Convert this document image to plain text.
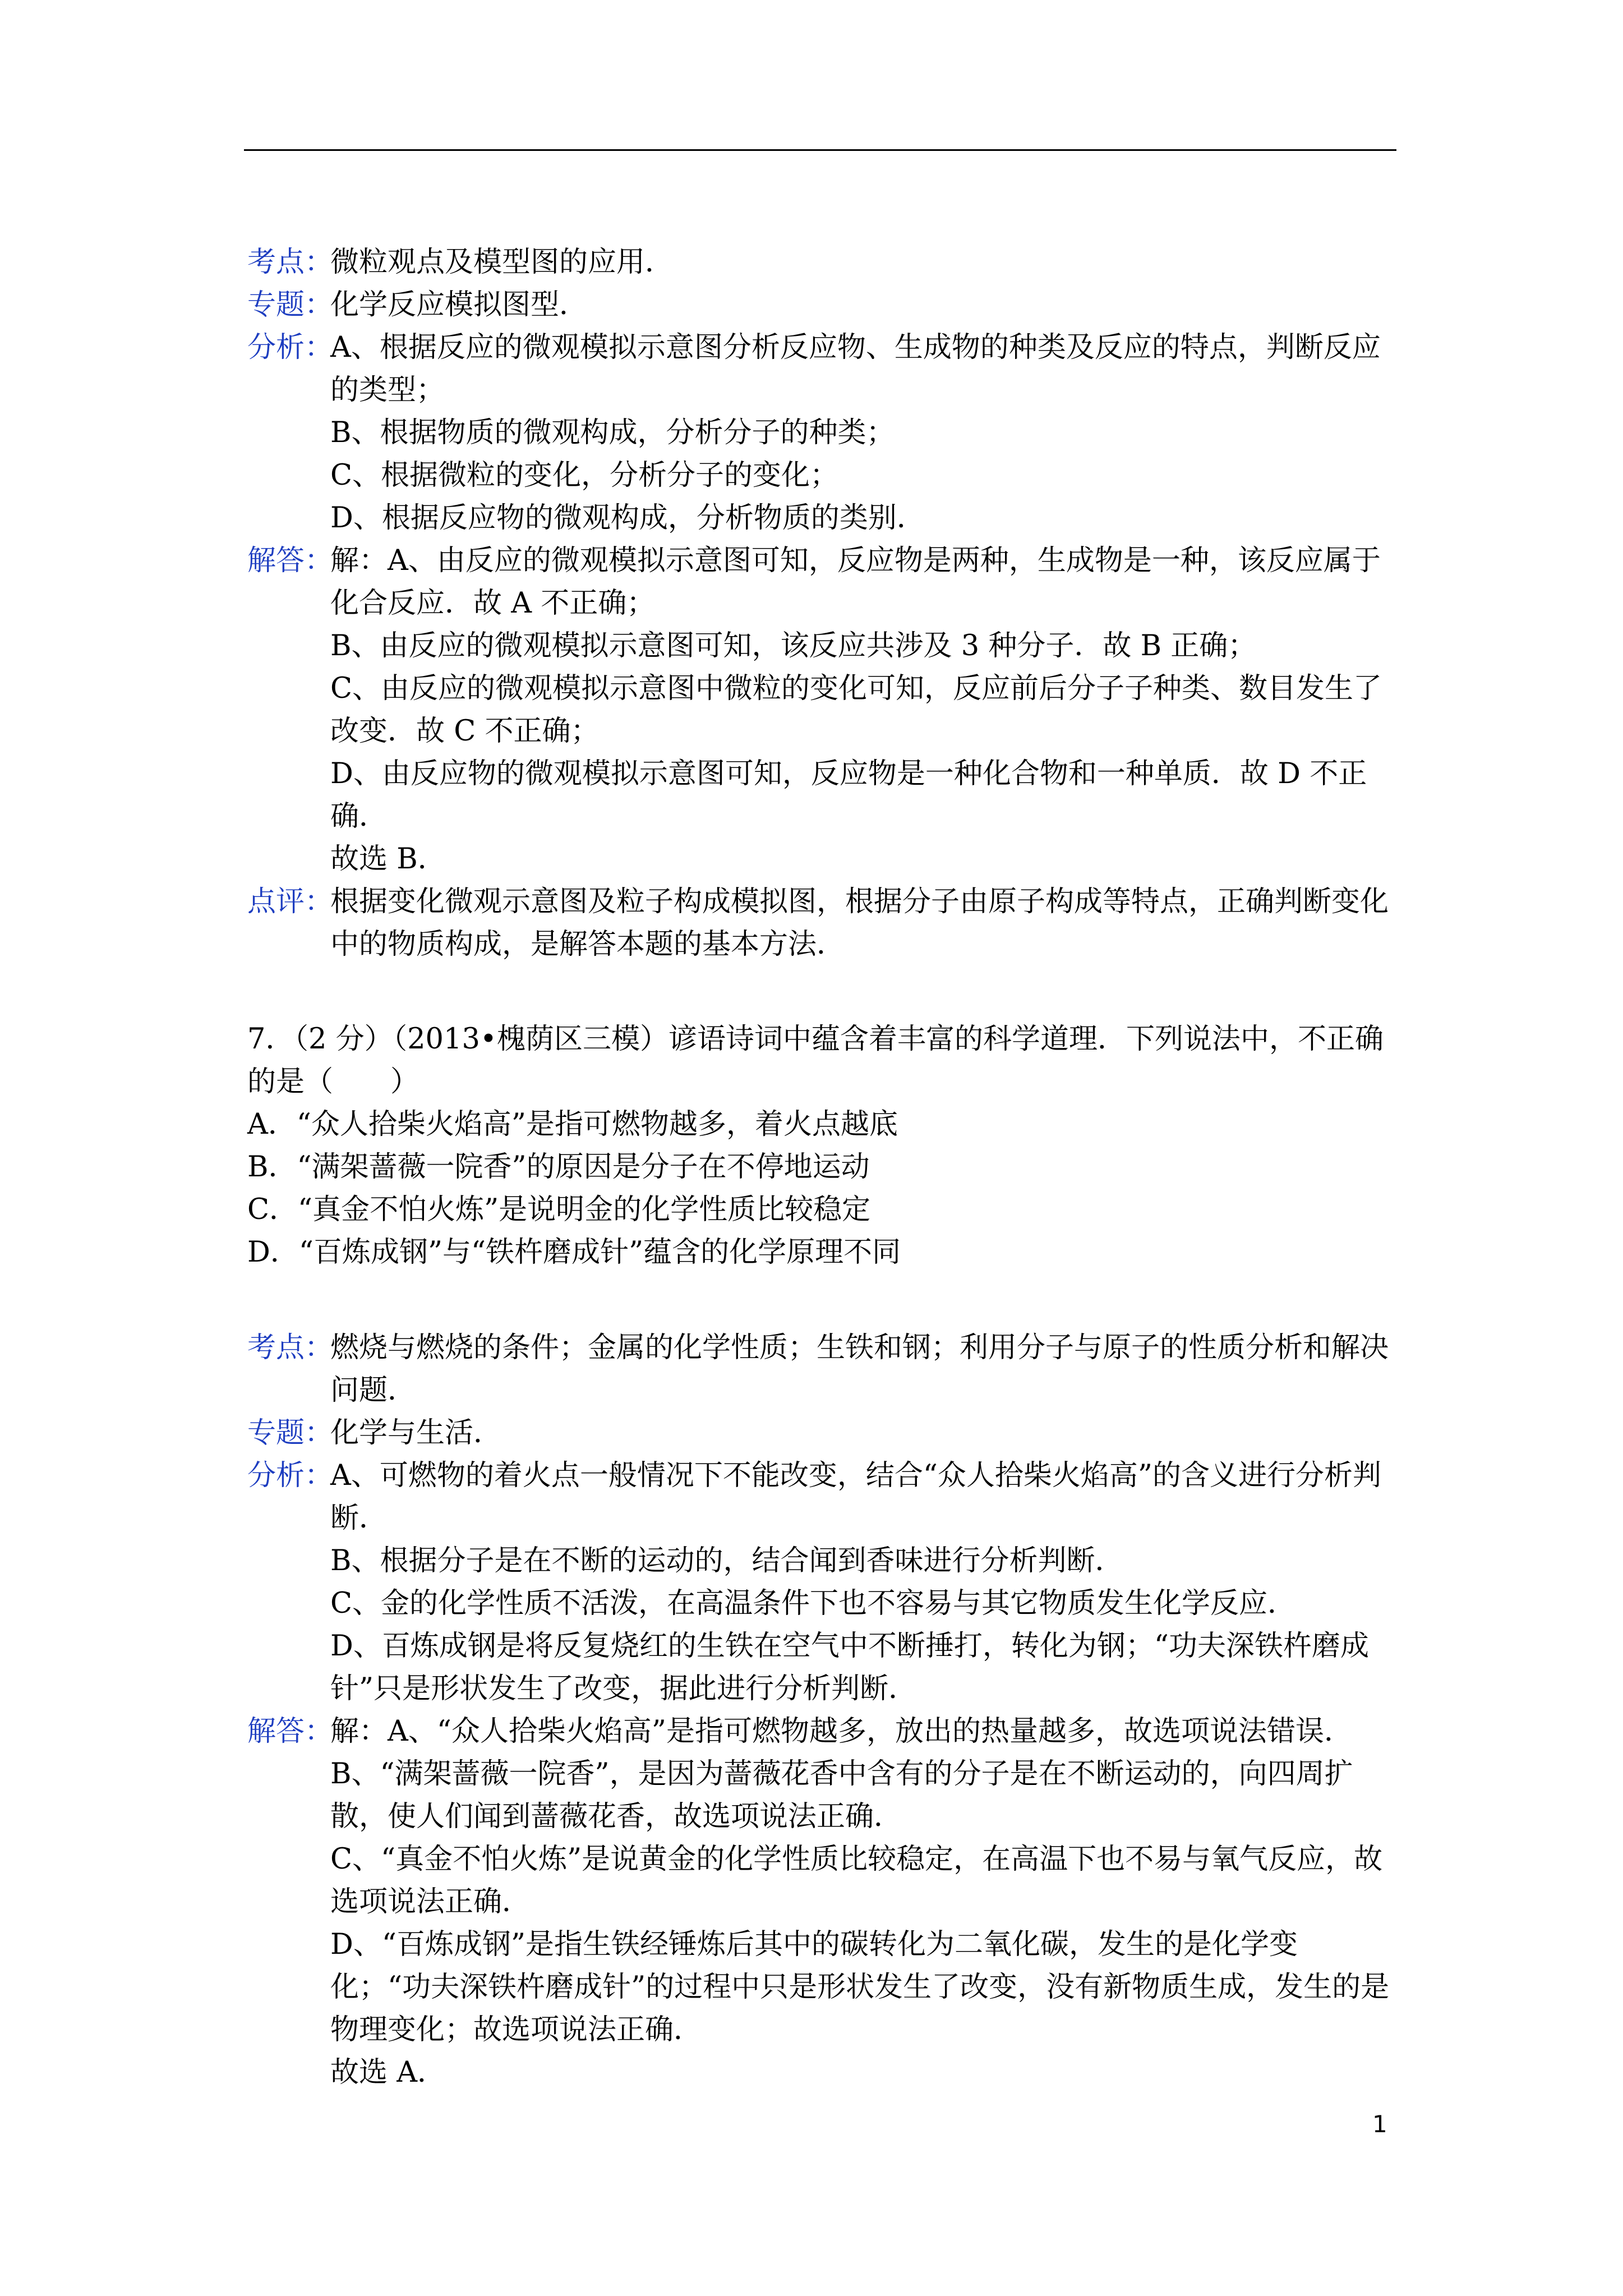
考点：
微粒观点及模型图的应用．
专题：
化学反应模拟图型．
分析：
A、根据反应的微观模拟示意图分析反应物、生成物的种类及反应的特点，判断反应的类型；
B、根据物质的微观构成，分析分子的种类；
C、根据微粒的变化，分析分子的变化；
D、根据反应物的微观构成，分析物质的类别．
解答：
解：A、由反应的微观模拟示意图可知，反应物是两种，生成物是一种，该反应属于化合反应．故 A 不正确；
B、由反应的微观模拟示意图可知，该反应共涉及 3 种分子．故 B 正确；
C、由反应的微观模拟示意图中微粒的变化可知，反应前后分子子种类、数目发生了改变．故 C 不正确；
D、由反应物的微观模拟示意图可知，反应物是一种化合物和一种单质．故 D 不正确．
故选 B．
点评：
根据变化微观示意图及粒子构成模拟图，根据分子由原子构成等特点，正确判断变化中的物质构成，是解答本题的基本方法．
7．（2 分）（2013•槐荫区三模）谚语诗词中蕴含着丰富的科学道理．下列说法中，不正确的是（　　）
A．“众人拾柴火焰高”是指可燃物越多，着火点越底
B．“满架蔷薇一院香”的原因是分子在不停地运动
C．“真金不怕火炼”是说明金的化学性质比较稳定
D．“百炼成钢”与“铁杵磨成针”蕴含的化学原理不同
考点：
燃烧与燃烧的条件；金属的化学性质；生铁和钢；利用分子与原子的性质分析和解决问题．
专题：
化学与生活．
分析：
A、可燃物的着火点一般情况下不能改变，结合“众人拾柴火焰高”的含义进行分析判断．
B、根据分子是在不断的运动的，结合闻到香味进行分析判断．
C、金的化学性质不活泼，在高温条件下也不容易与其它物质发生化学反应．
D、百炼成钢是将反复烧红的生铁在空气中不断捶打，转化为钢；“功夫深铁杵磨成针”只是形状发生了改变，据此进行分析判断．
解答：
解：A、“众人拾柴火焰高”是指可燃物越多，放出的热量越多，故选项说法错误．
B、“满架蔷薇一院香”，是因为蔷薇花香中含有的分子是在不断运动的，向四周扩散，使人们闻到蔷薇花香，故选项说法正确．
C、“真金不怕火炼”是说黄金的化学性质比较稳定，在高温下也不易与氧气反应，故选项说法正确．
D、“百炼成钢”是指生铁经锤炼后其中的碳转化为二氧化碳，发生的是化学变化；“功夫深铁杵磨成针”的过程中只是形状发生了改变，没有新物质生成，发生的是物理变化；故选项说法正确．
故选 A．
1
